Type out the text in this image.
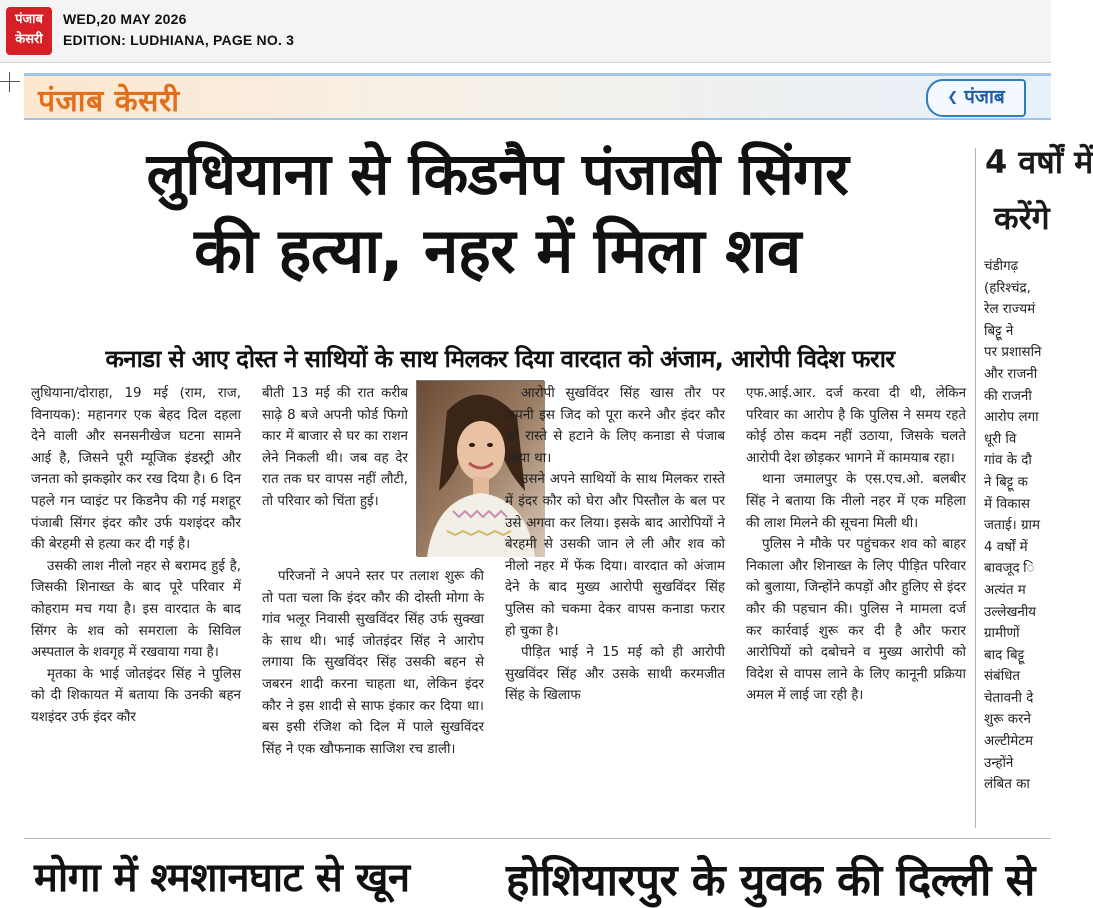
पंजाब
केसरी
WED,20 MAY 2026
EDITION: LUDHIANA, PAGE NO. 3
पंजाब केसरी
❮	पंजाब
लुधियाना से किडनैप पंजाबी सिंगर
की हत्या, नहर में मिला शव
कनाडा से आए दोस्त ने साथियों के साथ मिलकर दिया वारदात को अंजाम, आरोपी विदेश फरार

लुधियाना/दोराहा, 19 मई (राम, राज, विनायक): महानगर एक बेहद दिल दहला देने वाली और सनसनीखेज घटना सामने आई है, जिसने पूरी म्यूजिक इंडस्ट्री और जनता को झकझोर कर रख दिया है। 6 दिन पहले गन प्वाइंट पर किडनैप की गई मशहूर पंजाबी सिंगर इंदर कौर उर्फ यशइंदर कौर की बेरहमी से हत्या कर दी गई है।

उसकी लाश नीलो नहर से बरामद हुई है, जिसकी शिनाख्त के बाद पूरे परिवार में कोहराम मच गया है। इस वारदात के बाद सिंगर के शव को समराला के सिविल अस्पताल के शवगृह में रखवाया गया है।

मृतका के भाई जोतइंदर सिंह ने पुलिस को दी शिकायत में बताया कि उनकी बहन यशइंदर उर्फ इंदर कौर

बीती 13 मई की रात करीब साढ़े 8 बजे अपनी फोर्ड फिगो कार में बाजार से घर का राशन लेने निकली थी। जब वह देर रात तक घर वापस नहीं लौटी, तो परिवार को चिंता हुई।

परिजनों ने अपने स्तर पर तलाश शुरू की तो पता चला कि इंदर कौर की दोस्ती मोगा के गांव भलूर निवासी सुखविंदर सिंह उर्फ सुक्खा के साथ थी। भाई जोतइंदर सिंह ने आरोप लगाया कि सुखविंदर सिंह उसकी बहन से जबरन शादी करना चाहता था, लेकिन इंदर कौर ने इस शादी से साफ इंकार कर दिया था। बस इसी रंजिश को दिल में पाले सुखविंदर सिंह ने एक खौफनाक साजिश रच डाली।

आरोपी सुखविंदर सिंह खास तौर पर अपनी इस जिद को पूरा करने और इंदर कौर को रास्ते से हटाने के लिए कनाडा से पंजाब आया था।

उसने अपने साथियों के साथ मिलकर रास्ते में इंदर कौर को घेरा और पिस्तौल के बल पर उसे अगवा कर लिया। इसके बाद आरोपियों ने बेरहमी से उसकी जान ले ली और शव को नीलो नहर में फेंक दिया। वारदात को अंजाम देने के बाद मुख्य आरोपी सुखविंदर सिंह पुलिस को चकमा देकर वापस कनाडा फरार हो चुका है।

पीड़ित भाई ने 15 मई को ही आरोपी सुखविंदर सिंह और उसके साथी करमजीत सिंह के खिलाफ

एफ.आई.आर. दर्ज करवा दी थी, लेकिन परिवार का आरोप है कि पुलिस ने समय रहते कोई ठोस कदम नहीं उठाया, जिसके चलते आरोपी देश छोड़कर भागने में कामयाब रहा।

थाना जमालपुर के एस.एच.ओ. बलबीर सिंह ने बताया कि नीलो नहर में एक महिला की लाश मिलने की सूचना मिली थी।

पुलिस ने मौके पर पहुंचकर शव को बाहर निकाला और शिनाख्त के लिए पीड़ित परिवार को बुलाया, जिन्होंने कपड़ों और हुलिए से इंदर कौर की पहचान की। पुलिस ने मामला दर्ज कर कार्रवाई शुरू कर दी है और फरार आरोपियों को दबोचने व मुख्य आरोपी को विदेश से वापस लाने के लिए कानूनी प्रक्रिया अमल में लाई जा रही है।

4 वर्षों में
करेंगे
चंडीगढ़
(हरिश्चंद्र,
रेल राज्यमं
बिट्टू ने
पर प्रशासनि
और राजनी
की राजनी
आरोप लगा
धूरी वि
गांव के दौ
ने बिट्टू क
में विकास
जताई। ग्राम
4 वर्षों में
बावजूद ि
अत्यंत म
उल्लेखनीय
ग्रामीणों
बाद बिट्टू
संबंधित
चेतावनी दे
शुरू करने
अल्टीमेटम
उन्होंने
लंबित का
मोगा में श्मशानघाट से खून होशियारपुर के युवक की दिल्ली से
